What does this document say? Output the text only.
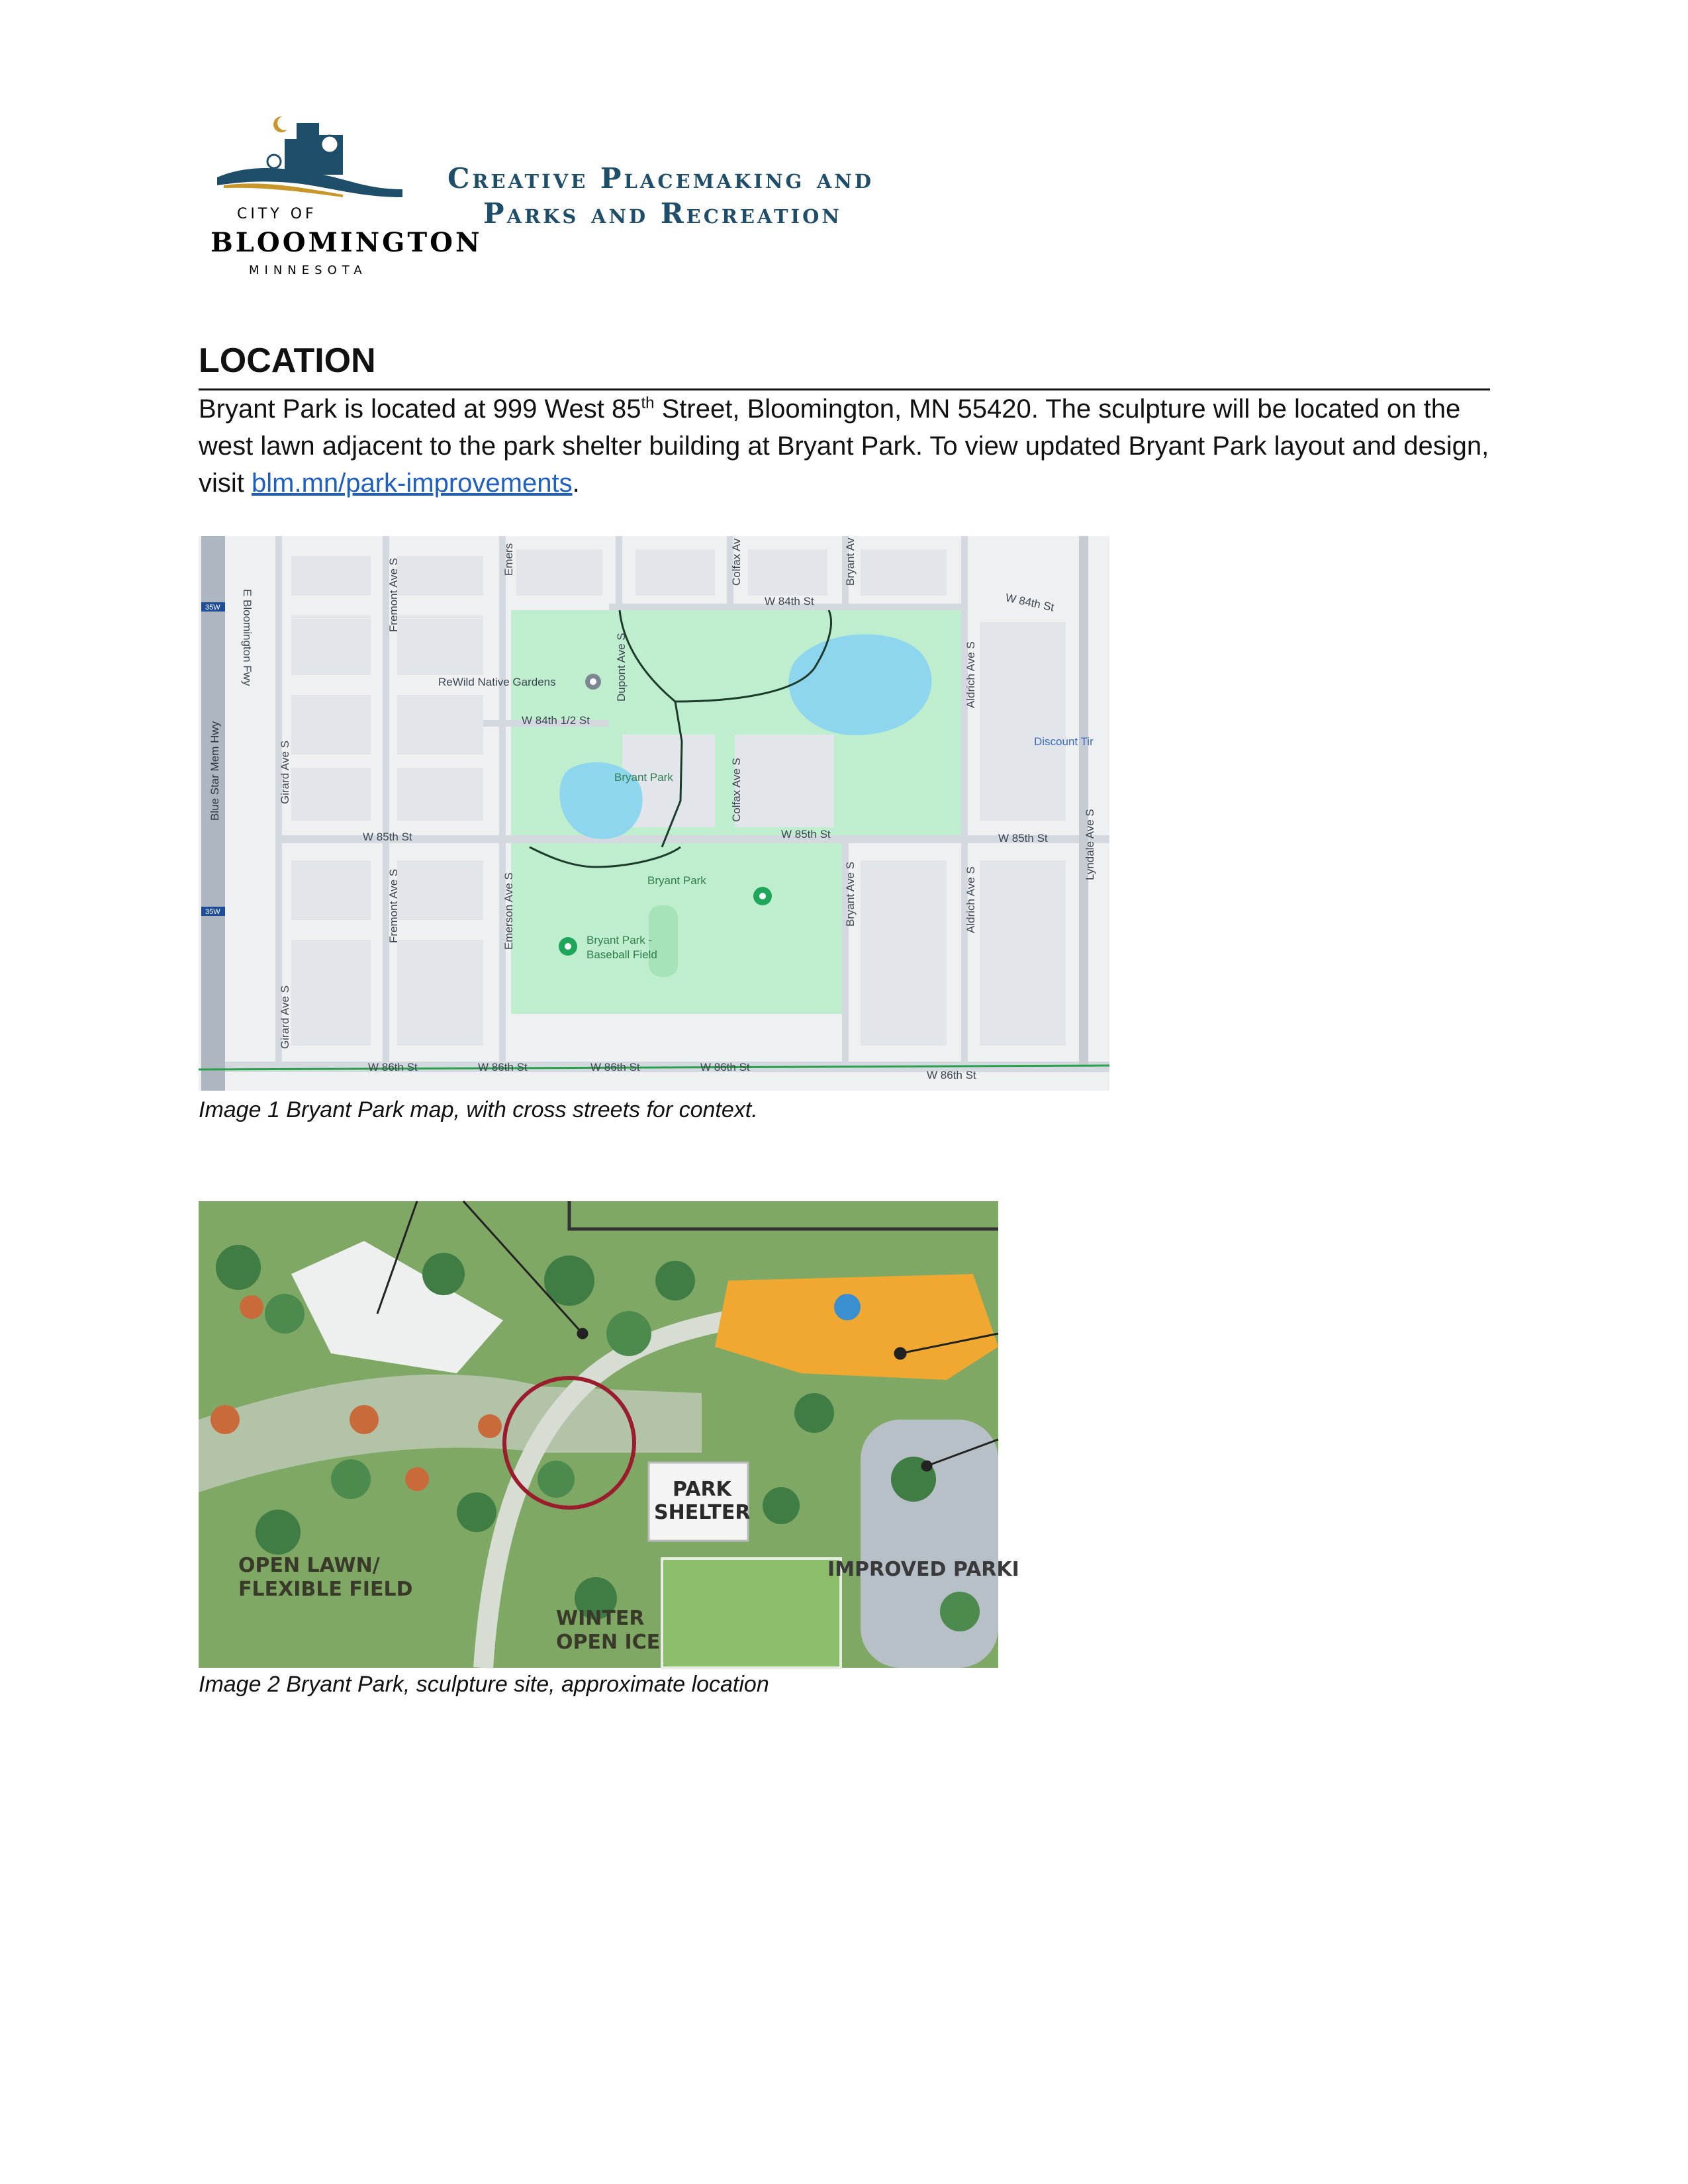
CITY OF
BLOOMINGTON
MINNESOTA
Creative Placemaking and
Parks and Recreation
LOCATION
Bryant Park is located at 999 West 85th Street, Bloomington, MN 55420. The sculpture will be located on the west lawn adjacent to the park shelter building at Bryant Park. To view updated Bryant Park layout and design, visit blm.mn/park-improvements.
35W
35W
W 84th St
W 84th 1/2 St
W 85th St	W 85th St	W 85th St
W 86th St	W 86th St	W 86th St	W 86th St
W 86th St
ReWild Native Gardens
Bryant Park
Bryant Park
Bryant Park -
Baseball Field
Discount Tir
W 84th St
Blue Star Mem Hwy
E Bloomington Fwy
Girard Ave S
Girard Ave S
Fremont Ave S
Fremont Ave S
Emers
Emerson Ave S
Dupont Ave S
Colfax Av
Colfax Ave S
Bryant Av
Bryant Ave S
Aldrich Ave S
Aldrich Ave S
Lyndale Ave S
Image 1 Bryant Park map, with cross streets for context.
PARK
SHELTER
OPEN LAWN/
FLEXIBLE FIELD
WINTER
OPEN ICE
IMPROVED PARKI
Image 2 Bryant Park, sculpture site, approximate location
